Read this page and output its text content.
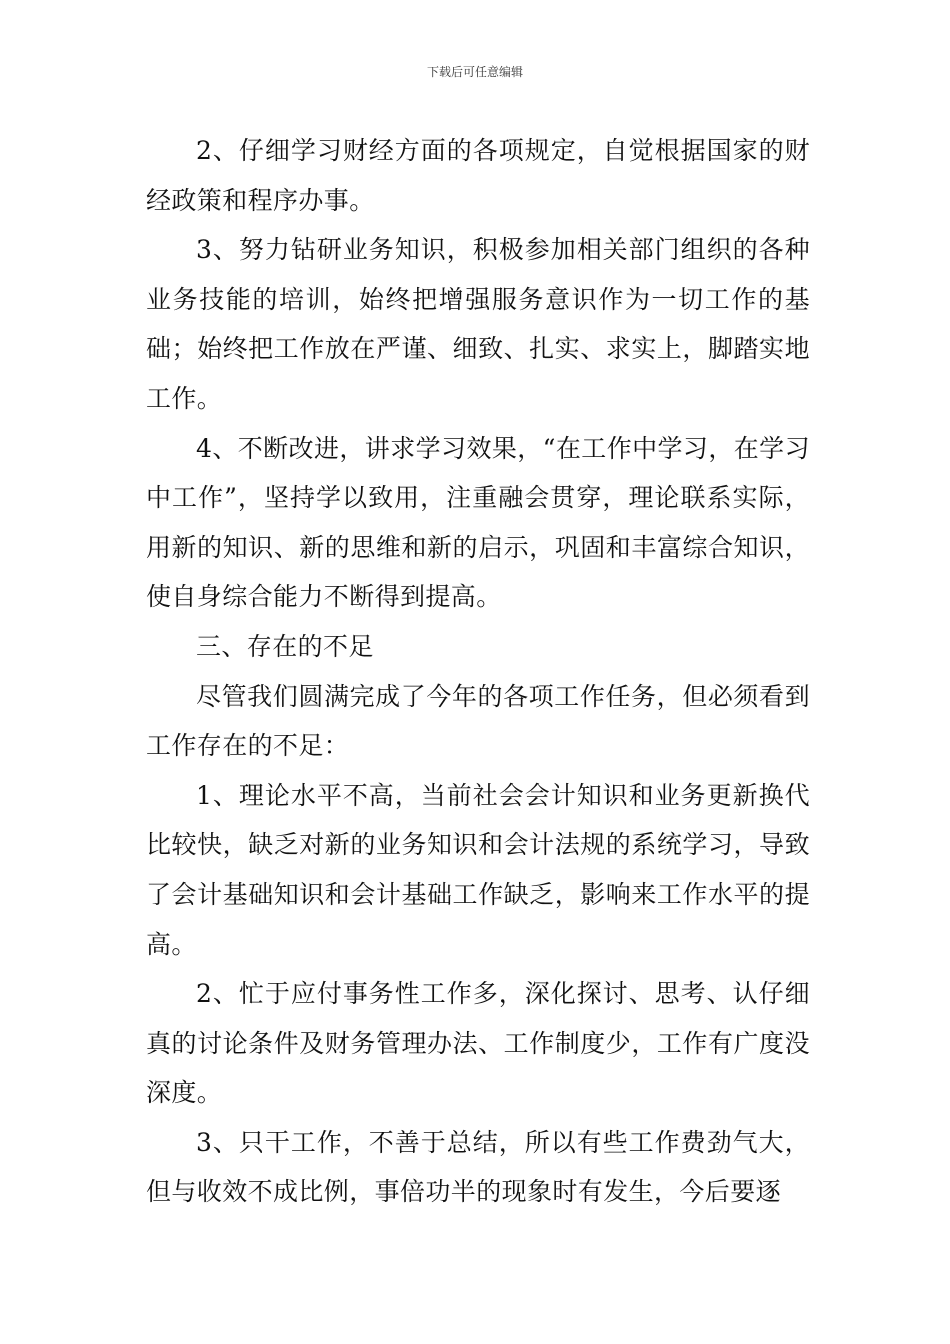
下载后可任意编辑

2、仔细学习财经方面的各项规定，自觉根据国家的财经政策和程序办事。

3、努力钻研业务知识，积极参加相关部门组织的各种业务技能的培训，始终把增强服务意识作为一切工作的基础；始终把工作放在严谨、细致、扎实、求实上，脚踏实地工作。

4、不断改进，讲求学习效果，“在工作中学习，在学习中工作”，坚持学以致用，注重融会贯穿，理论联系实际，用新的知识、新的思维和新的启示，巩固和丰富综合知识，使自身综合能力不断得到提高。

三、存在的不足

尽管我们圆满完成了今年的各项工作任务，但必须看到工作存在的不足：

1、理论水平不高，当前社会会计知识和业务更新换代比较快，缺乏对新的业务知识和会计法规的系统学习，导致了会计基础知识和会计基础工作缺乏，影响来工作水平的提高。

2、忙于应付事务性工作多，深化探讨、思考、认仔细真的讨论条件及财务管理办法、工作制度少，工作有广度没深度。

3、只干工作，不善于总结，所以有些工作费劲气大，但与收效不成比例，事倍功半的现象时有发生，今后要逐
